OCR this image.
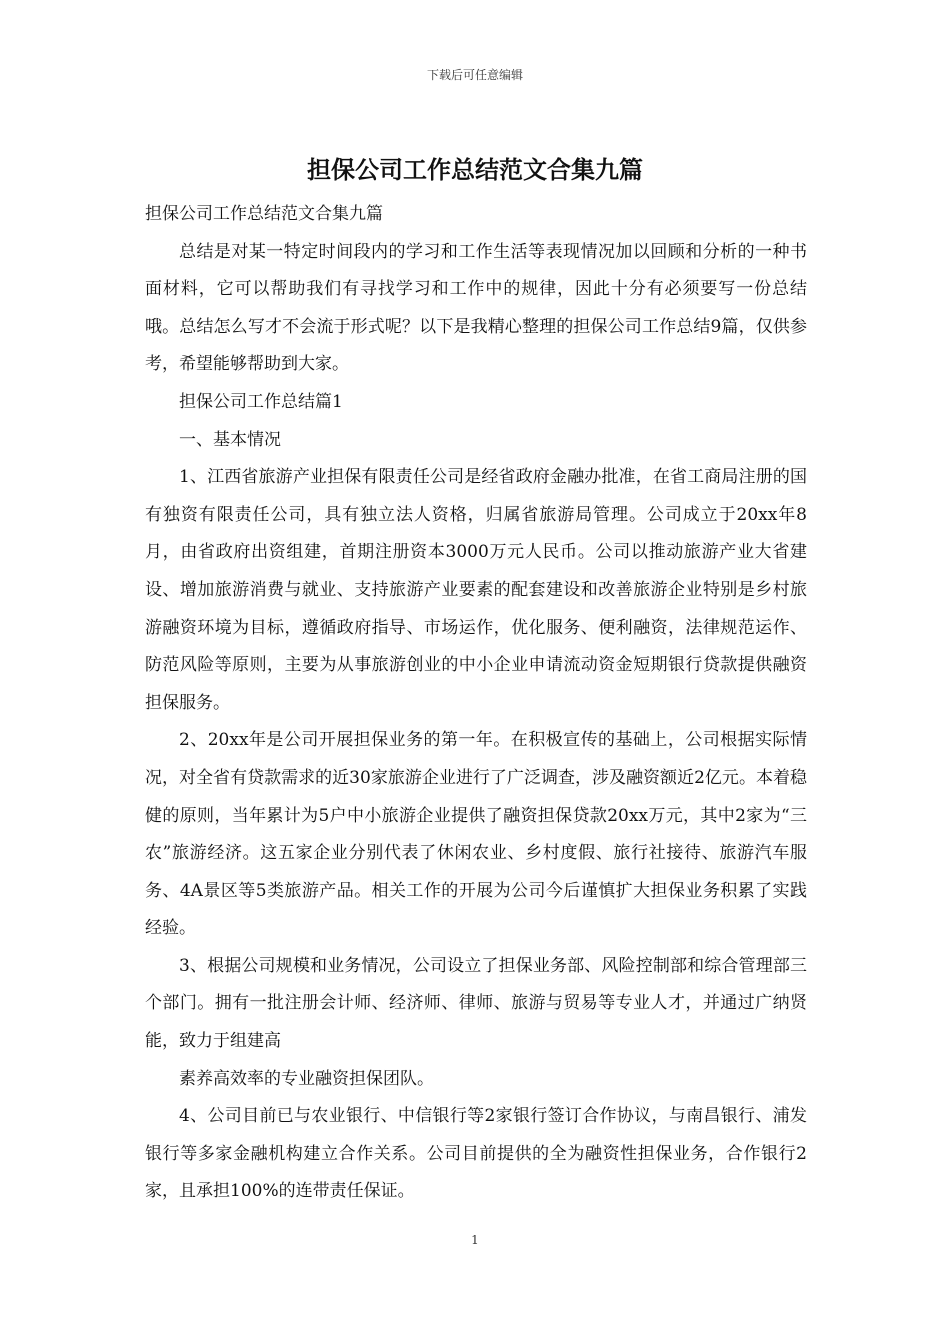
下载后可任意编辑
担保公司工作总结范文合集九篇

担保公司工作总结范文合集九篇

总结是对某一特定时间段内的学习和工作生活等表现情况加以回顾和分析的一种书面材料，它可以帮助我们有寻找学习和工作中的规律，因此十分有必须要写一份总结哦。总结怎么写才不会流于形式呢？以下是我精心整理的担保公司工作总结9篇，仅供参考，希望能够帮助到大家。

担保公司工作总结篇1

一、基本情况

1、江西省旅游产业担保有限责任公司是经省政府金融办批准，在省工商局注册的国有独资有限责任公司，具有独立法人资格，归属省旅游局管理。公司成立于20xx年8月，由省政府出资组建，首期注册资本3000万元人民币。公司以推动旅游产业大省建设、增加旅游消费与就业、支持旅游产业要素的配套建设和改善旅游企业特别是乡村旅游融资环境为目标，遵循政府指导、市场运作，优化服务、便利融资，法律规范运作、防范风险等原则，主要为从事旅游创业的中小企业申请流动资金短期银行贷款提供融资担保服务。

2、20xx年是公司开展担保业务的第一年。在积极宣传的基础上，公司根据实际情况，对全省有贷款需求的近30家旅游企业进行了广泛调查，涉及融资额近2亿元。本着稳健的原则，当年累计为5户中小旅游企业提供了融资担保贷款20xx万元，其中2家为“三农”旅游经济。这五家企业分别代表了休闲农业、乡村度假、旅行社接待、旅游汽车服务、4A景区等5类旅游产品。相关工作的开展为公司今后谨慎扩大担保业务积累了实践经验。

3、根据公司规模和业务情况，公司设立了担保业务部、风险控制部和综合管理部三个部门。拥有一批注册会计师、经济师、律师、旅游与贸易等专业人才，并通过广纳贤能，致力于组建高

素养高效率的专业融资担保团队。

4、公司目前已与农业银行、中信银行等2家银行签订合作协议，与南昌银行、浦发银行等多家金融机构建立合作关系。公司目前提供的全为融资性担保业务，合作银行2家，且承担100%的连带责任保证。

1
